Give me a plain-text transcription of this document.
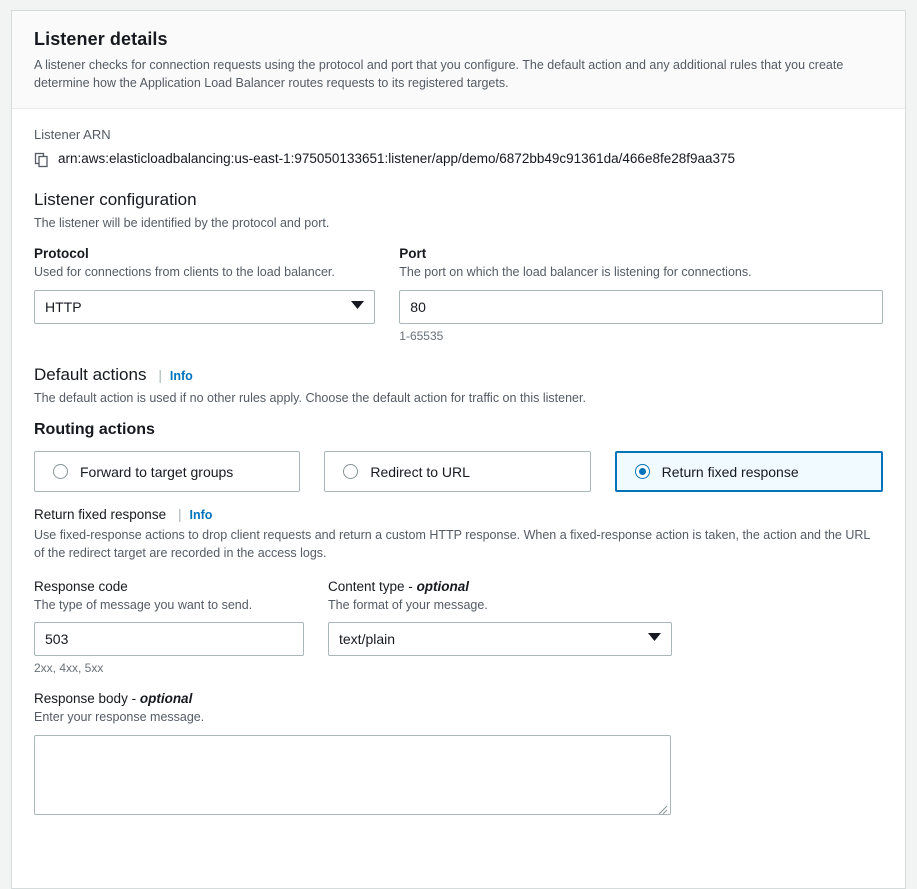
Listener details
A listener checks for connection requests using the protocol and port that you configure. The default action and any additional rules that you create determine how the Application Load Balancer routes requests to its registered targets.
Listener ARN
arn:aws:elasticloadbalancing:us-east-1:975050133651:listener/app/demo/6872bb49c91361da/466e8fe28f9aa375
Listener configuration
The listener will be identified by the protocol and port.
Protocol
Used for connections from clients to the load balancer.
HTTP
Port
The port on which the load balancer is listening for connections.
80
1-65535
Default actions | Info
The default action is used if no other rules apply. Choose the default action for traffic on this listener.
Routing actions
Forward to target groups	Redirect to URL	Return fixed response
Return fixed response | Info
Use fixed-response actions to drop client requests and return a custom HTTP response. When a fixed-response action is taken, the action and the URL of the redirect target are recorded in the access logs.
Response code
The type of message you want to send.
503
2xx, 4xx, 5xx
Content type - optional
The format of your message.
text/plain
Response body - optional
Enter your response message.
